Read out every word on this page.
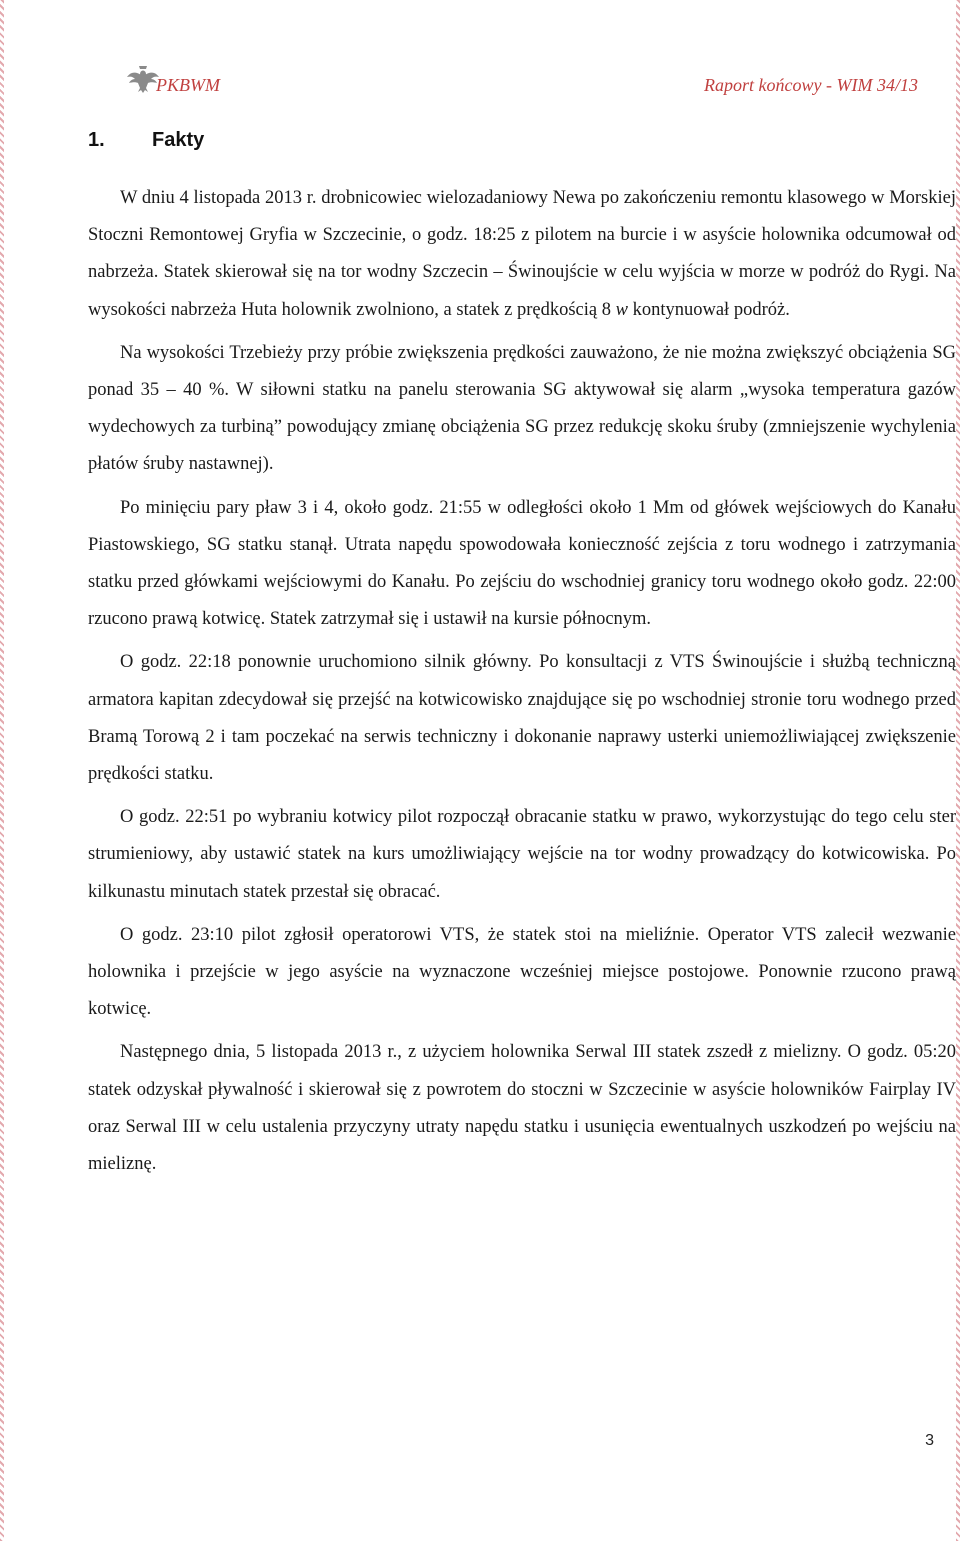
PKBWM	Raport końcowy - WIM 34/13
1. Fakty

W dniu 4 listopada 2013 r. drobnicowiec wielozadaniowy Newa po zakończeniu remontu klasowego w Morskiej Stoczni Remontowej Gryfia w Szczecinie, o godz. 18:25 z pilotem na burcie i w asyście holownika odcumował od nabrzeża. Statek skierował się na tor wodny Szczecin – Świnoujście w celu wyjścia w morze w podróż do Rygi. Na wysokości nabrzeża Huta holownik zwolniono, a statek z prędkością 8 w kontynuował podróż.

Na wysokości Trzebieży przy próbie zwiększenia prędkości zauważono, że nie można zwiększyć obciążenia SG ponad 35 – 40 %. W siłowni statku na panelu sterowania SG aktywował się alarm „wysoka temperatura gazów wydechowych za turbiną” powodujący zmianę obciążenia SG przez redukcję skoku śruby (zmniejszenie wychylenia płatów śruby nastawnej).

Po minięciu pary pław 3 i 4, około godz. 21:55 w odległości około 1 Mm od główek wejściowych do Kanału Piastowskiego, SG statku stanął. Utrata napędu spowodowała konieczność zejścia z toru wodnego i zatrzymania statku przed główkami wejściowymi do Kanału. Po zejściu do wschodniej granicy toru wodnego około godz. 22:00 rzucono prawą kotwicę. Statek zatrzymał się i ustawił na kursie północnym.

O godz. 22:18 ponownie uruchomiono silnik główny. Po konsultacji z VTS Świnoujście i służbą techniczną armatora kapitan zdecydował się przejść na kotwicowisko znajdujące się po wschodniej stronie toru wodnego przed Bramą Torową 2 i tam poczekać na serwis techniczny i dokonanie naprawy usterki uniemożliwiającej zwiększenie prędkości statku.

O godz. 22:51 po wybraniu kotwicy pilot rozpoczął obracanie statku w prawo, wykorzystując do tego celu ster strumieniowy, aby ustawić statek na kurs umożliwiający wejście na tor wodny prowadzący do kotwicowiska. Po kilkunastu minutach statek przestał się obracać.

O godz. 23:10 pilot zgłosił operatorowi VTS, że statek stoi na mieliźnie. Operator VTS zalecił wezwanie holownika i przejście w jego asyście na wyznaczone wcześniej miejsce postojowe. Ponownie rzucono prawą kotwicę.

Następnego dnia, 5 listopada 2013 r., z użyciem holownika Serwal III statek zszedł z mielizny. O godz. 05:20 statek odzyskał pływalność i skierował się z powrotem do stoczni w Szczecinie w asyście holowników Fairplay IV oraz Serwal III w celu ustalenia przyczyny utraty napędu statku i usunięcia ewentualnych uszkodzeń po wejściu na mieliznę.

3
